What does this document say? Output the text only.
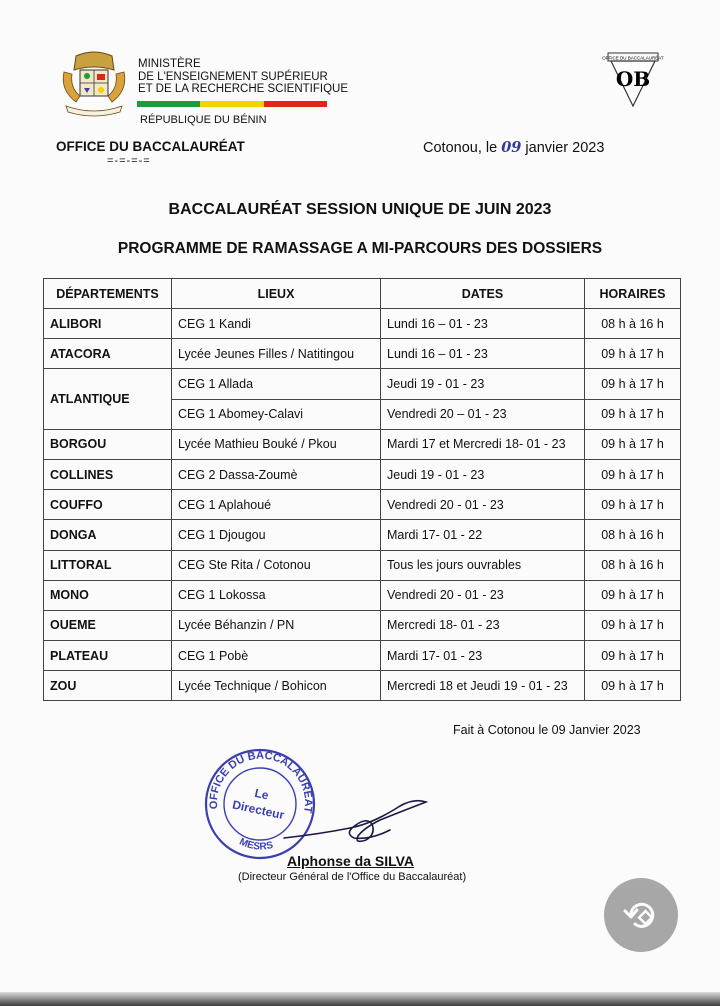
MINISTÈRE
DE L'ENSEIGNEMENT SUPÉRIEUR
ET DE LA RECHERCHE SCIENTIFIQUE
RÉPUBLIQUE DU BÉNIN
OFFICE DU BACCALAURÉAT
=-=-=-=
OFFICE DU BACCALAURÉAT
OB
Cotonou, le 09 janvier 2023
BACCALAURÉAT SESSION UNIQUE DE JUIN 2023
PROGRAMME DE RAMASSAGE A MI-PARCOURS DES DOSSIERS
DÉPARTEMENTS	LIEUX	DATES	HORAIRES
ALIBORI	CEG 1 Kandi	Lundi 16 – 01 - 23	08 h à 16 h
ATACORA	Lycée Jeunes Filles / Natitingou	Lundi 16 – 01 - 23	09 h à 17 h
ATLANTIQUE	CEG 1 Allada	Jeudi 19 - 01 - 23	09 h à 17 h
	CEG 1 Abomey-Calavi	Vendredi 20 – 01 - 23	09 h à 17 h
BORGOU	Lycée Mathieu Bouké / Pkou	Mardi 17 et Mercredi 18- 01 - 23	09 h à 17 h
COLLINES	CEG 2 Dassa-Zoumè	Jeudi 19 - 01 - 23	09 h à 17 h
COUFFO	CEG 1 Aplahoué	Vendredi 20 - 01 - 23	09 h à 17 h
DONGA	CEG 1 Djougou	Mardi 17- 01 - 22	08 h à 16 h
LITTORAL	CEG Ste Rita / Cotonou	Tous les jours ouvrables	08 h à 16 h
MONO	CEG 1 Lokossa	Vendredi 20 - 01 - 23	09 h à 17 h
OUEME	Lycée Béhanzin / PN	Mercredi 18- 01 - 23	09 h à 17 h
PLATEAU	CEG 1 Pobè	Mardi 17- 01 - 23	09 h à 17 h
ZOU	Lycée Technique / Bohicon	Mercredi 18 et Jeudi 19 - 01 - 23	09 h à 17 h
Fait à Cotonou le 09 Janvier 2023
OFFICE DU BACCALAURÉAT
MESRS
Le
Directeur
Alphonse da SILVA
(Directeur Général de l'Office du Baccalauréat)
